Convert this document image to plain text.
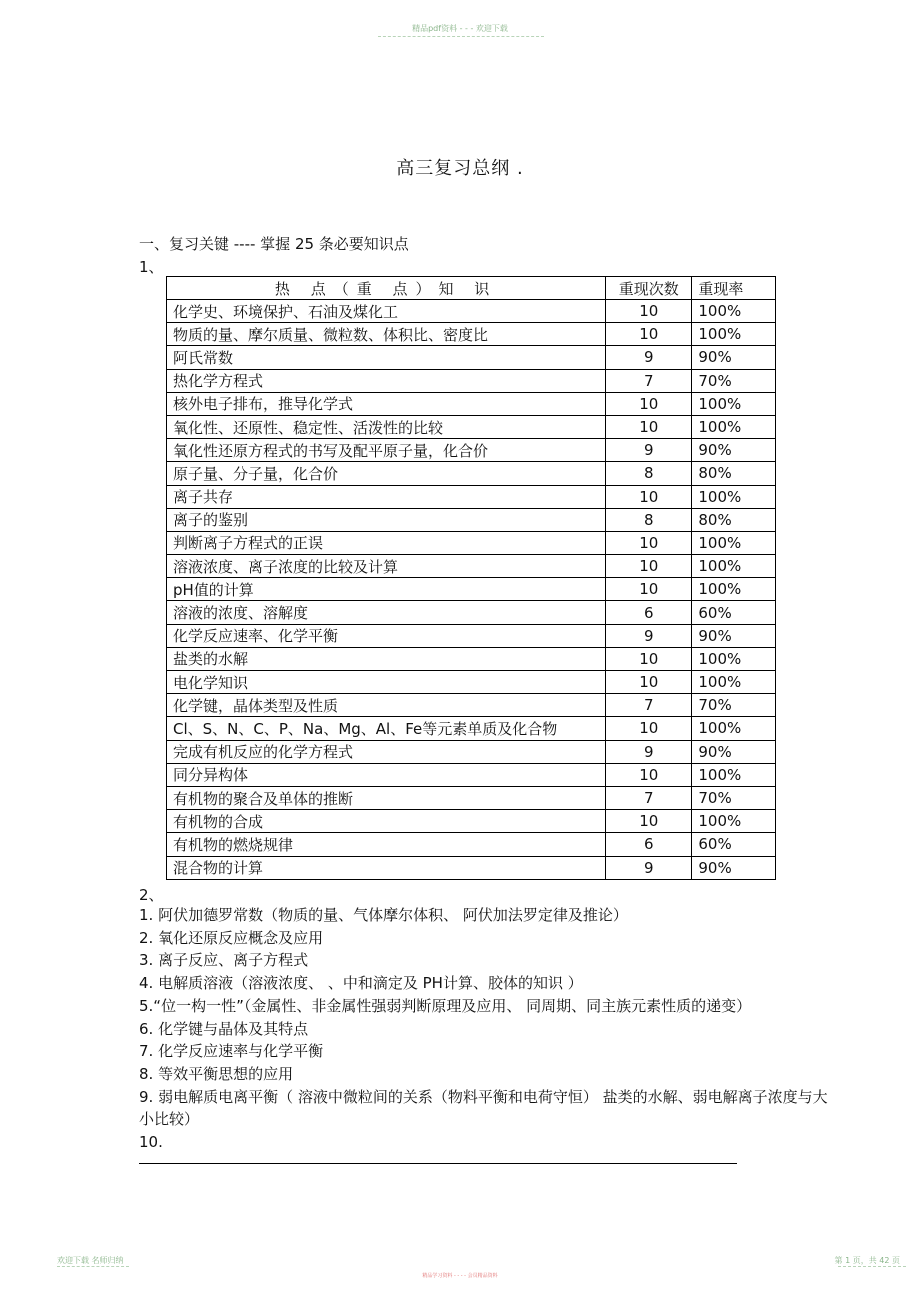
精品pdf资料 - - - 欢迎下载
高三复习总纲 .
一、复习关键 ---- 掌握 25 条必要知识点
1、
热 点（重 点）知 识	重现次数	重现率
化学史、环境保护、石油及煤化工	10	100%
物质的量、摩尔质量、微粒数、体积比、密度比	10	100%
阿氏常数	9	90%
热化学方程式	7	70%
核外电子排布，推导化学式	10	100%
氧化性、还原性、稳定性、活泼性的比较	10	100%
氧化性还原方程式的书写及配平原子量，化合价	9	90%
原子量、分子量，化合价	8	80%
离子共存	10	100%
离子的鉴别	8	80%
判断离子方程式的正误	10	100%
溶液浓度、离子浓度的比较及计算	10	100%
pH值的计算	10	100%
溶液的浓度、溶解度	6	60%
化学反应速率、化学平衡	9	90%
盐类的水解	10	100%
电化学知识	10	100%
化学键，晶体类型及性质	7	70%
Cl、S、N、C、P、Na、Mg、Al、Fe等元素单质及化合物	10	100%
完成有机反应的化学方程式	9	90%
同分异构体	10	100%
有机物的聚合及单体的推断	7	70%
有机物的合成	10	100%
有机物的燃烧规律	6	60%
混合物的计算	9	90%
2、
1. 阿伏加德罗常数（物质的量、气体摩尔体积、 阿伏加法罗定律及推论）
2. 氧化还原反应概念及应用
3. 离子反应、离子方程式
4. 电解质溶液（溶液浓度、 、中和滴定及 PH计算、胶体的知识 ）
5.“位一构一性”（金属性、非金属性强弱判断原理及应用、 同周期、同主族元素性质的递变）
6. 化学键与晶体及其特点
7. 化学反应速率与化学平衡
8. 等效平衡思想的应用
9. 弱电解质电离平衡（ 溶液中微粒间的关系（物料平衡和电荷守恒） 盐类的水解、弱电解离子浓度与大小比较）
10.
欢迎下载 名师归纳	第 1 页，共 42 页
精品学习资料 - - - - 会员精品资料
